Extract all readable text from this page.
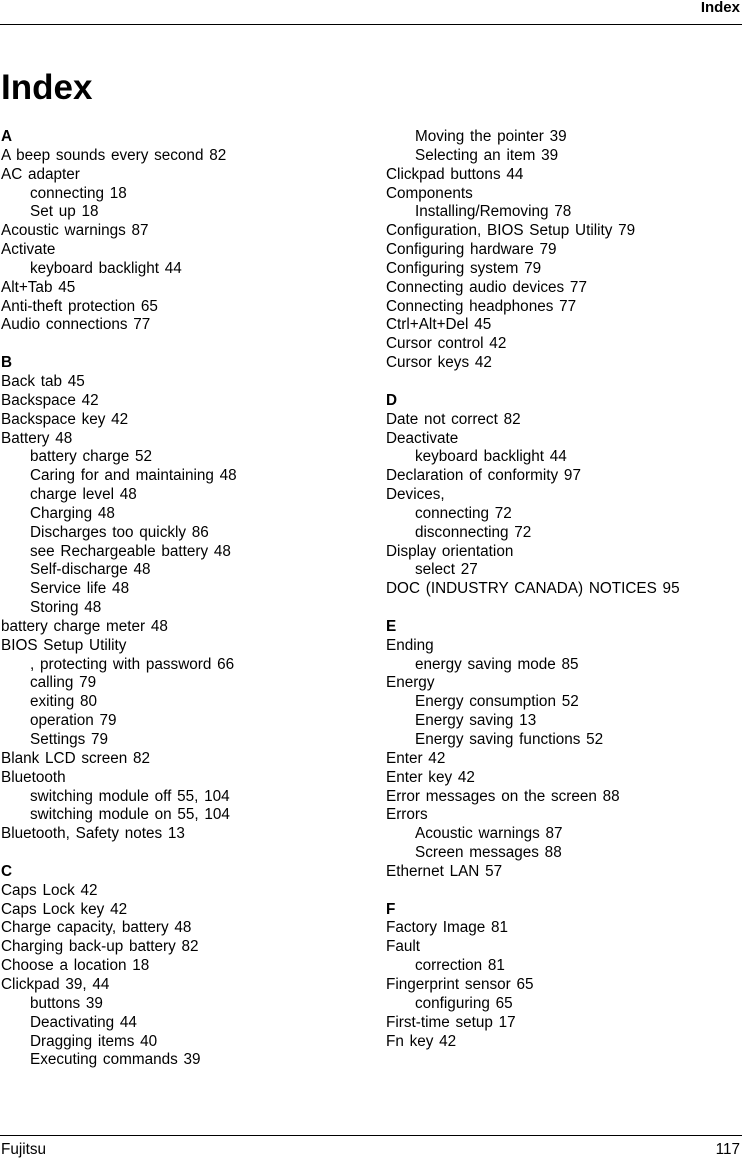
Index
Index
A
A beep sounds every second 82
AC adapter
connecting 18
Set up 18
Acoustic warnings 87
Activate
keyboard backlight 44
Alt+Tab 45
Anti-theft protection 65
Audio connections 77
B
Back tab 45
Backspace 42
Backspace key 42
Battery 48
battery charge 52
Caring for and maintaining 48
charge level 48
Charging 48
Discharges too quickly 86
see Rechargeable battery 48
Self-discharge 48
Service life 48
Storing 48
battery charge meter 48
BIOS Setup Utility
, protecting with password 66
calling 79
exiting 80
operation 79
Settings 79
Blank LCD screen 82
Bluetooth
switching module off 55, 104
switching module on 55, 104
Bluetooth, Safety notes 13
C
Caps Lock 42
Caps Lock key 42
Charge capacity, battery 48
Charging back-up battery 82
Choose a location 18
Clickpad 39, 44
buttons 39
Deactivating 44
Dragging items 40
Executing commands 39
Moving the pointer 39
Selecting an item 39
Clickpad buttons 44
Components
Installing/Removing 78
Configuration, BIOS Setup Utility 79
Configuring hardware 79
Configuring system 79
Connecting audio devices 77
Connecting headphones 77
Ctrl+Alt+Del 45
Cursor control 42
Cursor keys 42
D
Date not correct 82
Deactivate
keyboard backlight 44
Declaration of conformity 97
Devices,
connecting 72
disconnecting 72
Display orientation
select 27
DOC (INDUSTRY CANADA) NOTICES 95
E
Ending
energy saving mode 85
Energy
Energy consumption 52
Energy saving 13
Energy saving functions 52
Enter 42
Enter key 42
Error messages on the screen 88
Errors
Acoustic warnings 87
Screen messages 88
Ethernet LAN 57
F
Factory Image 81
Fault
correction 81
Fingerprint sensor 65
configuring 65
First-time setup 17
Fn key 42
Fujitsu	117
